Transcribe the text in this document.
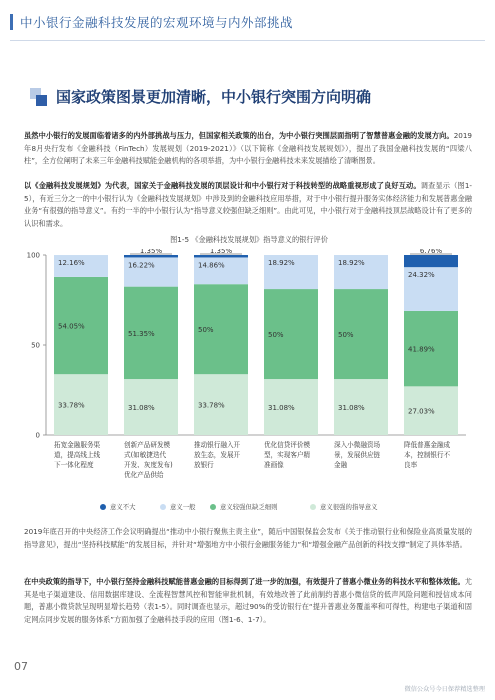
中小银行金融科技发展的宏观环境与内外部挑战
国家政策图景更加清晰，中小银行突围方向明确
虽然中小银行的发展面临着诸多的内外部挑战与压力，但国家相关政策的出台，为中小银行突围层面指明了智慧普惠金融的发展方向。2019年8月央行发布《金融科技（FinTech）发展规划（2019-2021）》（以下简称《金融科技发展规划》），提出了我国金融科技发展的“四梁八柱”，全方位阐明了未来三年金融科技赋能金融机构的各项举措，为中小银行金融科技未来发展描绘了清晰图景。
以《金融科技发展规划》为代表，国家关于金融科技发展的顶层设计和中小银行对于科技转型的战略重视形成了良好互动。调查显示（图1-5），有近三分之一的中小银行认为《金融科技发展规划》中涉及到的金融科技应用举措，对于中小银行提升服务实体经济能力和发展普惠金融业务“有很强的指导意义”。有约一半的中小银行认为“指导意义较强但缺乏细则”。由此可见，中小银行对于金融科技顶层战略设计有了更多的认识和需求。
图1-5 《金融科技发展规划》指导意义的银行评价
0
50
100
33.78%
54.05%
12.16%
拓宽金融服务渠
道，提高线上线
下一体化程度
31.08%
51.35%
16.22%
1.35%
创新产品研发模
式(如敏捷迭代
开发、灰度发布)
优化产品供给
33.78%
50%
14.86%
1.35%
推动银行融入开
放生态，发展开
放银行
31.08%
50%
18.92%
优化信贷评价模
型，实现客户精
准画像
31.08%
50%
18.92%
深入小微融资场
景，发展供应链
金融
27.03%
41.89%
24.32%
6.76%
降低普惠金融成
本，控制银行不
良率
意义不大	意义一般	意义较强但缺乏细则	意义很强的指导意义
2019年底召开的中央经济工作会议明确提出“推动中小银行聚焦主责主业”，随后中国银保监会发布《关于推动银行业和保险业高质量发展的指导意见》，提出“坚持科技赋能”的发展目标，并针对“增强地方中小银行金融服务能力”和“增强金融产品创新的科技支撑”制定了具体举措。
在中央政策的指导下，中小银行坚持金融科技赋能普惠金融的目标得到了进一步的加强，有效提升了普惠小微业务的科技水平和整体效能。尤其是电子渠道建设、信用数据库建设、全流程智慧风控和智能审批机制，有效地改善了此前制约普惠小微信贷的低声风险问题和授信成本问题，普惠小微贷款呈现明显增长趋势（表1-5）。同时调查也显示，超过90%的受访银行在“提升普惠业务覆盖率和可得性，构建电子渠道和固定网点同步发展的服务体系”方面加强了金融科技手段的应用（图1-6、1-7）。
07
微信公众号今日保荐精选整理
